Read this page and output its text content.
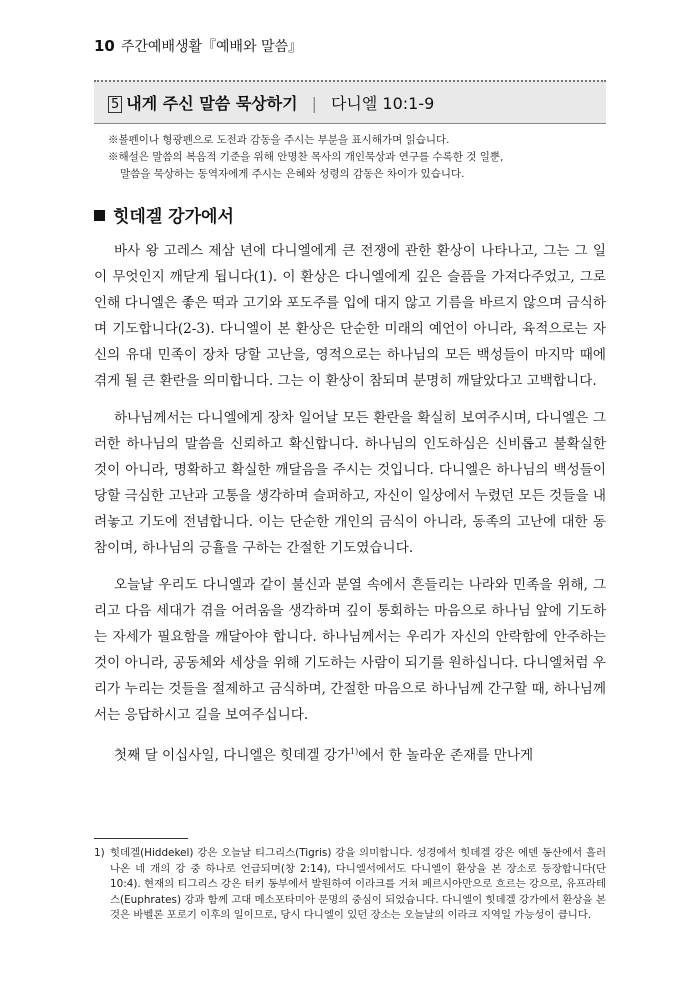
10 주간예배생활『예배와 말씀』
5 내게 주신 말씀 묵상하기 | 다니엘 10:1-9
※볼펜이나 형광펜으로 도전과 감동을 주시는 부분을 표시해가며 읽습니다.
※해설은 말씀의 복음적 기준을 위해 안명찬 목사의 개인묵상과 연구를 수록한 것 일뿐,
말씀을 묵상하는 동역자에게 주시는 은혜와 성령의 감동은 차이가 있습니다.
힛데겔 강가에서

바사 왕 고레스 제삼 년에 다니엘에게 큰 전쟁에 관한 환상이 나타나고, 그는 그 일이 무엇인지 깨닫게 됩니다(1). 이 환상은 다니엘에게 깊은 슬픔을 가져다주었고, 그로 인해 다니엘은 좋은 떡과 고기와 포도주를 입에 대지 않고 기름을 바르지 않으며 금식하며 기도합니다(2-3). 다니엘이 본 환상은 단순한 미래의 예언이 아니라, 육적으로는 자신의 유대 민족이 장차 당할 고난을, 영적으로는 하나님의 모든 백성들이 마지막 때에 겪게 될 큰 환란을 의미합니다. 그는 이 환상이 참되며 분명히 깨달았다고 고백합니다.

하나님께서는 다니엘에게 장차 일어날 모든 환란을 확실히 보여주시며, 다니엘은 그러한 하나님의 말씀을 신뢰하고 확신합니다. 하나님의 인도하심은 신비롭고 불확실한 것이 아니라, 명확하고 확실한 깨달음을 주시는 것입니다. 다니엘은 하나님의 백성들이 당할 극심한 고난과 고통을 생각하며 슬퍼하고, 자신이 일상에서 누렸던 모든 것들을 내려놓고 기도에 전념합니다. 이는 단순한 개인의 금식이 아니라, 동족의 고난에 대한 동참이며, 하나님의 긍휼을 구하는 간절한 기도였습니다.

오늘날 우리도 다니엘과 같이 불신과 분열 속에서 흔들리는 나라와 민족을 위해, 그리고 다음 세대가 겪을 어려움을 생각하며 깊이 통회하는 마음으로 하나님 앞에 기도하는 자세가 필요함을 깨달아야 합니다. 하나님께서는 우리가 자신의 안락함에 안주하는 것이 아니라, 공동체와 세상을 위해 기도하는 사람이 되기를 원하십니다. 다니엘처럼 우리가 누리는 것들을 절제하고 금식하며, 간절한 마음으로 하나님께 간구할 때, 하나님께서는 응답하시고 길을 보여주십니다.

첫째 달 이십사일, 다니엘은 힛데겔 강가$^{1)}$에서 한 놀라운 존재를 만나게

1) 힛데겔(Hiddekel) 강은 오늘날 티그리스(Tigris) 강을 의미합니다. 성경에서 힛데겔 강은 에덴 동산에서 흘러나온 네 개의 강 중 하나로 언급되며(창 2:14), 다니엘서에서도 다니엘이 환상을 본 장소로 등장합니다(단 10:4). 현재의 티그리스 강은 터키 동부에서 발원하여 이라크를 거쳐 페르시아만으로 흐르는 강으로, 유프라테스(Euphrates) 강과 함께 고대 메소포타미아 문명의 중심이 되었습니다. 다니엘이 힛데겔 강가에서 환상을 본 것은 바벨론 포로기 이후의 일이므로, 당시 다니엘이 있던 장소는 오늘날의 이라크 지역일 가능성이 큽니다.
